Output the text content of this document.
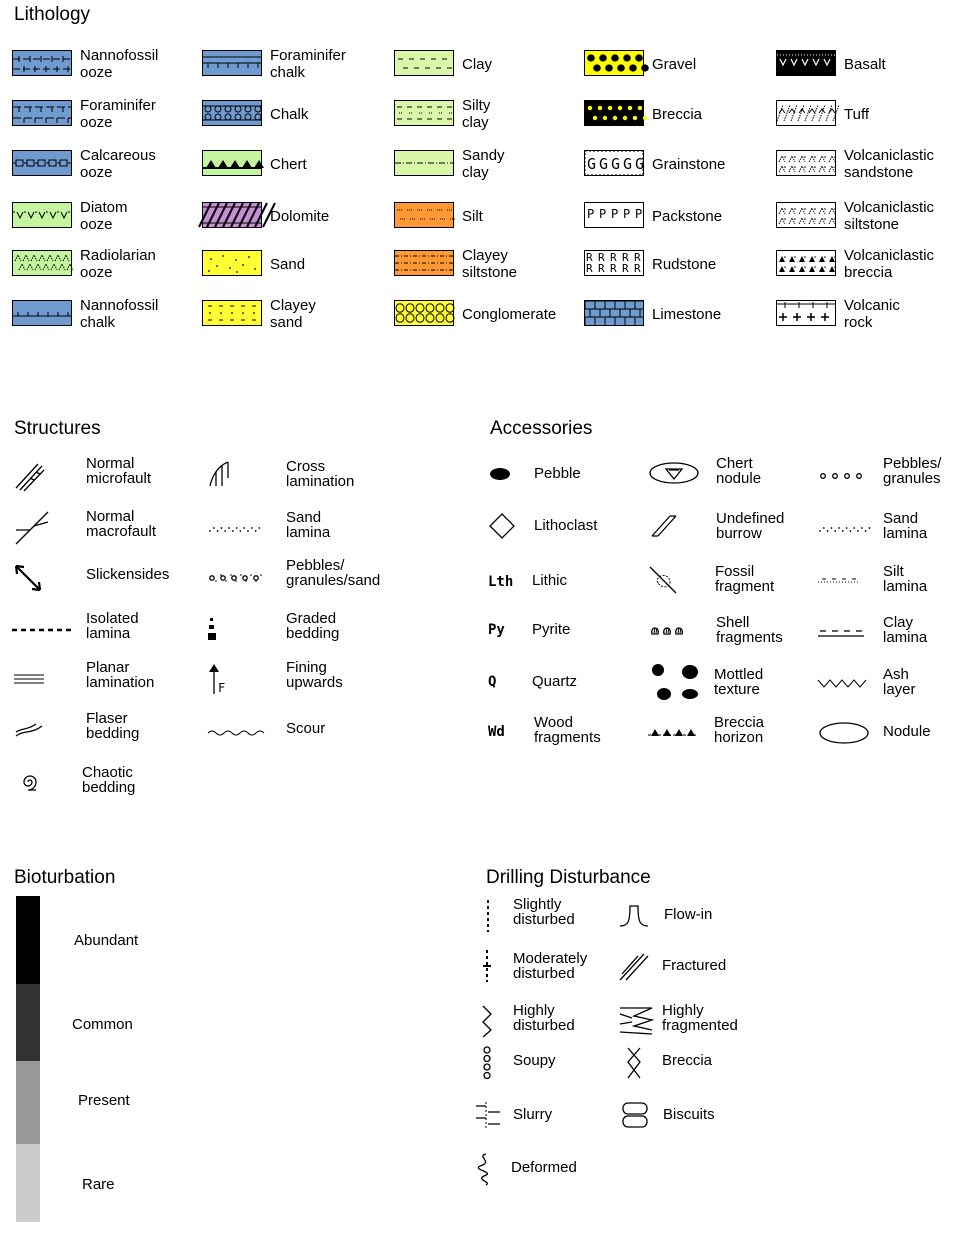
Lithology
Nannofossil
ooze
Foraminifer
ooze
Calcareous
ooze
Diatom
ooze
Radiolarian
ooze
Nannofossil
chalk
Foraminifer
chalk
Chalk
Chert
Dolomite
Sand
Clayey
sand
Clay
Silty
clay
Sandy
clay
Silt
Clayey
siltstone
Conglomerate
Gravel
Breccia
G G G G G Grainstone
P P P P P Packstone
R R R R R
R R R R R Rudstone
Limestone
Basalt
Tuff
Volcaniclastic
sandstone
Volcaniclastic
siltstone
Volcaniclastic
breccia
Volcanic
rock
Structures
Normal
microfault
Normal
macrofault
Slickensides
Isolated
lamina
Planar
lamination
Flaser
bedding
Chaotic
bedding
Cross
lamination
Sand
lamina
Pebbles/
granules/sand
Graded
bedding
F
Fining
upwards
Scour
Accessories
Pebble
Lithoclast
Lth Lithic
Py Pyrite
Q Quartz
Wd
Wood
fragments
Chert
nodule
Undefined
burrow
Fossil
fragment
Shell
fragments
Mottled
texture
Breccia
horizon
Pebbles/
granules
Sand
lamina
Silt
lamina
Clay
lamina
Ash
layer
Nodule
Bioturbation
Abundant
Common
Present
Rare
Drilling Disturbance
Slightly
disturbed
Moderately
disturbed
Highly
disturbed
Soupy
Slurry
Deformed
Flow-in
Fractured
Highly
fragmented
Breccia
Biscuits
